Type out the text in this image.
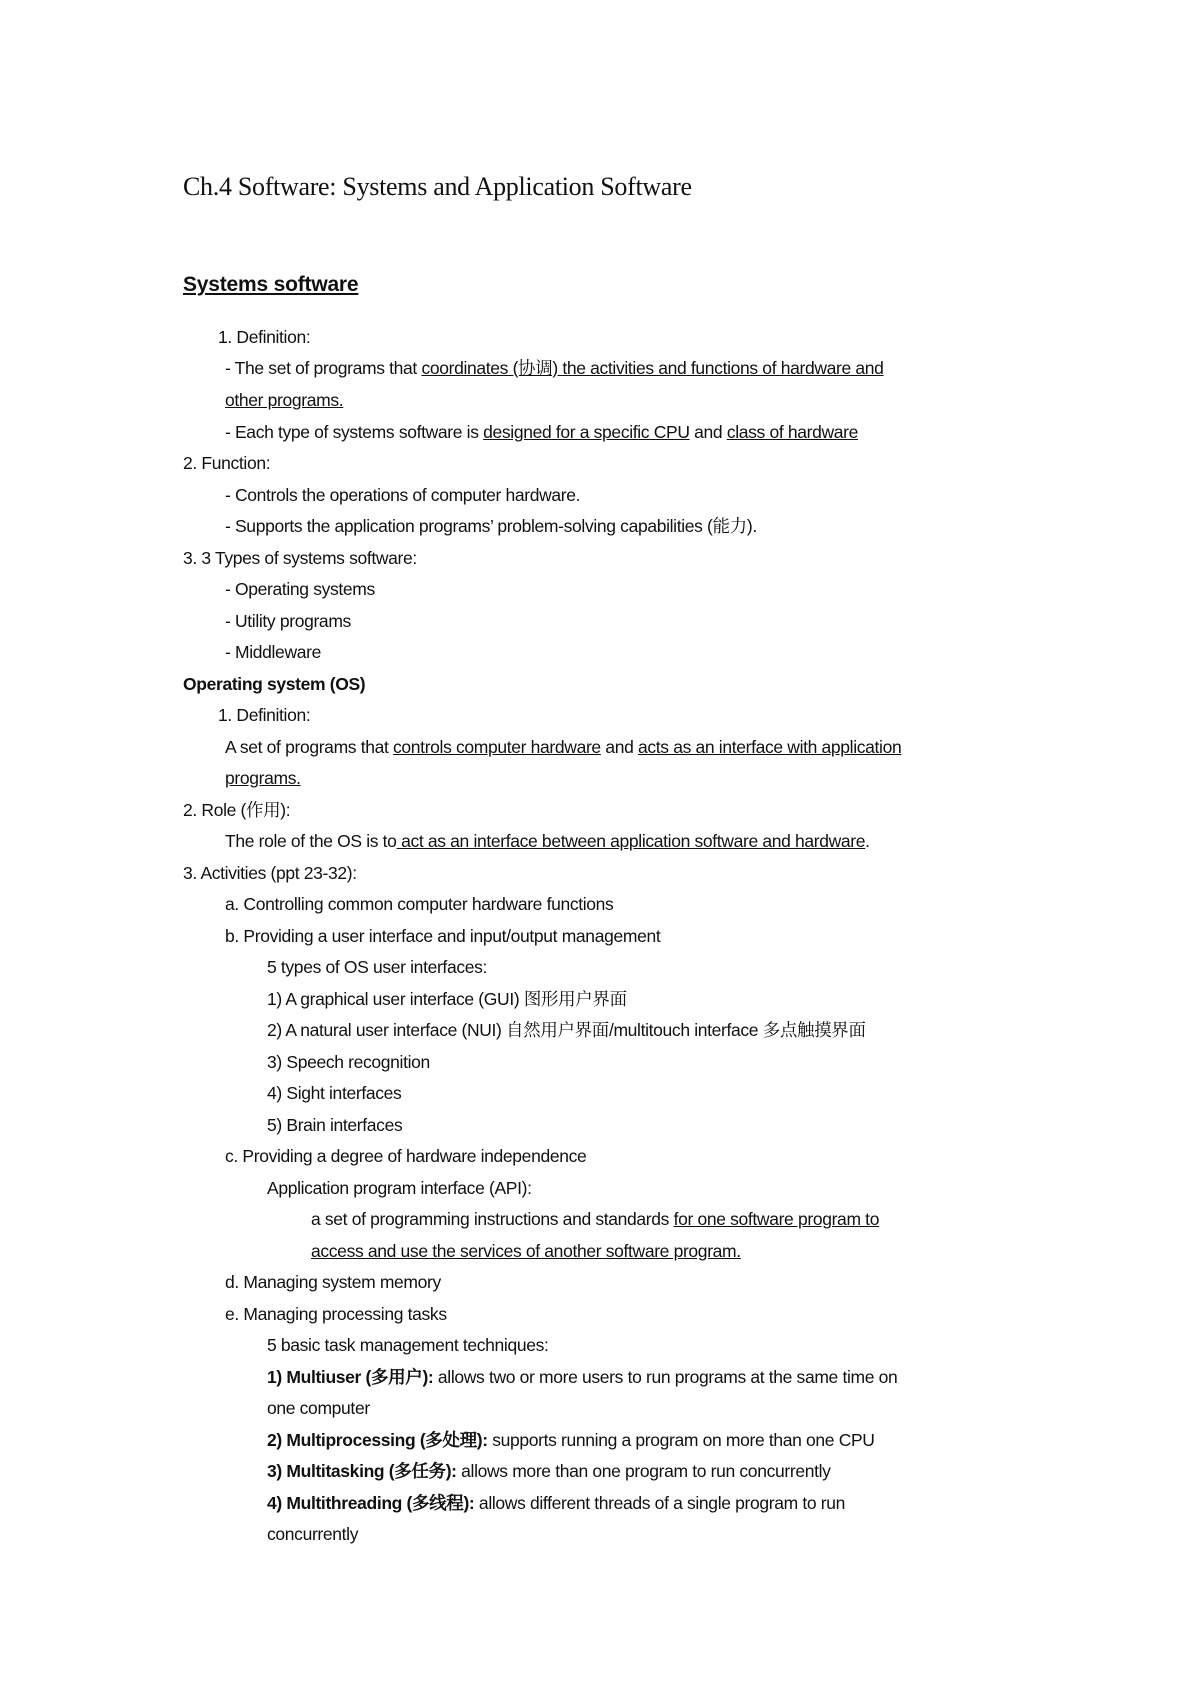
Ch.4 Software: Systems and Application Software
Systems software
1. Definition:
- The set of programs that coordinates (协调) the activities and functions of hardware and
other programs.
- Each type of systems software is designed for a specific CPU and class of hardware
2. Function:
- Controls the operations of computer hardware.
- Supports the application programs’ problem-solving capabilities (能力).
3. 3 Types of systems software:
- Operating systems
- Utility programs
- Middleware
Operating system (OS)
1. Definition:
A set of programs that controls computer hardware and acts as an interface with application
programs.
2. Role (作用):
The role of the OS is to act as an interface between application software and hardware.
3. Activities (ppt 23-32):
a. Controlling common computer hardware functions
b. Providing a user interface and input/output management
5 types of OS user interfaces:
1) A graphical user interface (GUI) 图形用户界面
2) A natural user interface (NUI) 自然用户界面/multitouch interface 多点触摸界面
3) Speech recognition
4) Sight interfaces
5) Brain interfaces
c. Providing a degree of hardware independence
Application program interface (API):
a set of programming instructions and standards for one software program to
access and use the services of another software program.
d. Managing system memory
e. Managing processing tasks
5 basic task management techniques:
1) Multiuser (多用户): allows two or more users to run programs at the same time on
one computer
2) Multiprocessing (多处理): supports running a program on more than one CPU
3) Multitasking (多任务): allows more than one program to run concurrently
4) Multithreading (多线程): allows different threads of a single program to run
concurrently
